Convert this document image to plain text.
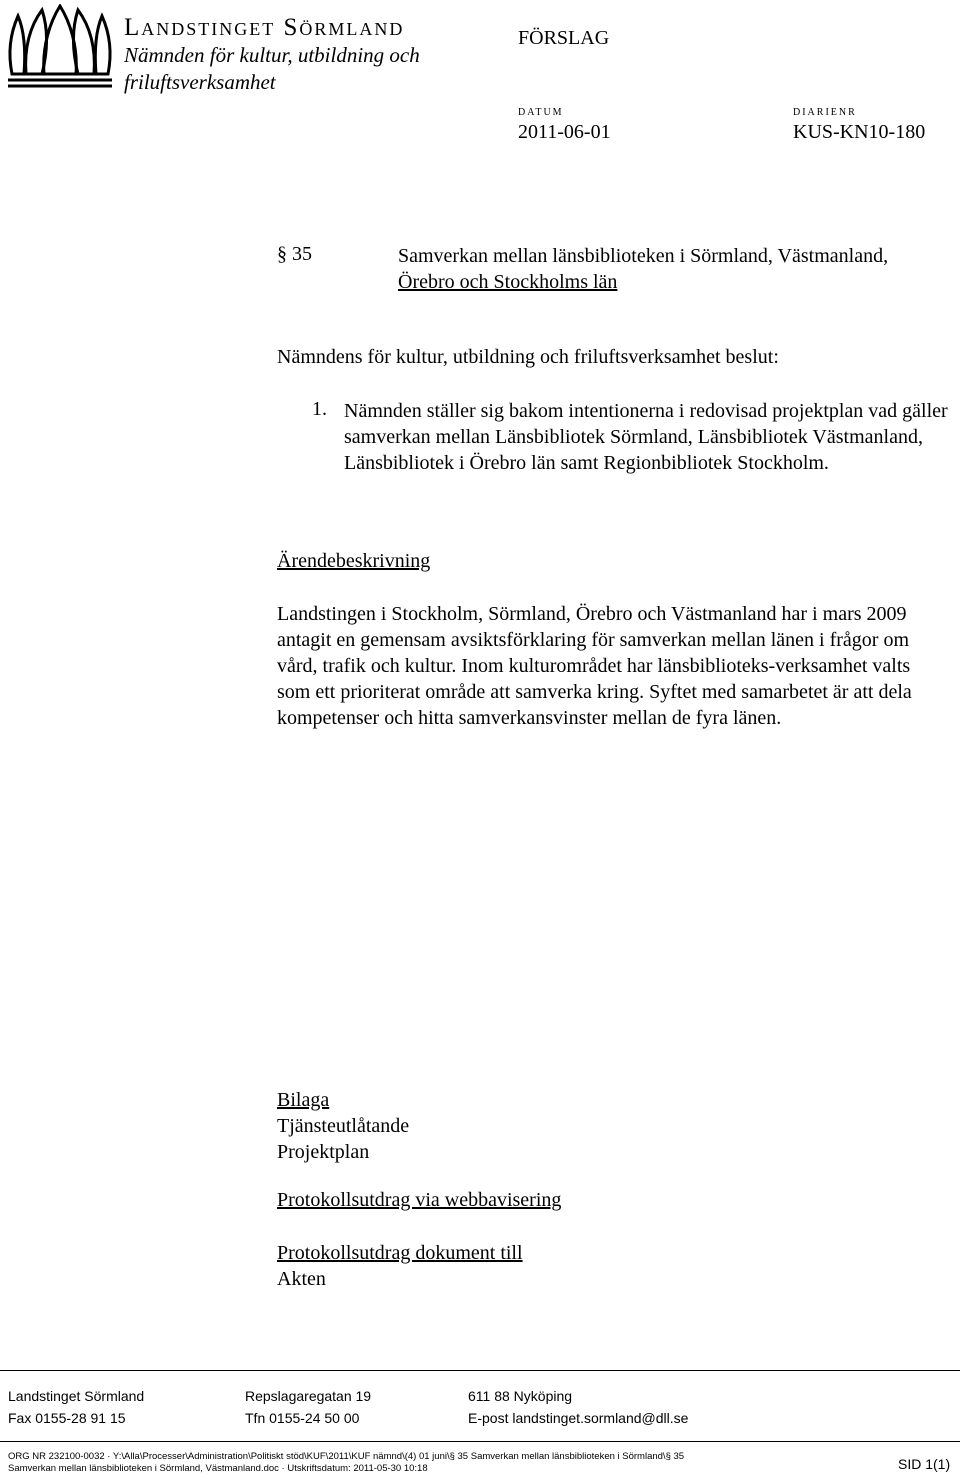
Landstinget Sörmland
Nämnden för kultur, utbildning och
friluftsverksamhet
FÖRSLAG
DATUM
2011-06-01
DIARIENR
KUS-KN10-180
§ 35	Samverkan mellan länsbiblioteken i Sörmland, Västmanland,
Örebro och Stockholms län
Nämndens för kultur, utbildning och friluftsverksamhet beslut:
1. Nämnden ställer sig bakom intentionerna i redovisad projektplan vad gäller samverkan mellan Länsbibliotek Sörmland, Länsbibliotek Västmanland, Länsbibliotek i Örebro län samt Regionbibliotek Stockholm.
Ärendebeskrivning
Landstingen i Stockholm, Sörmland, Örebro och Västmanland har i mars 2009 antagit en gemensam avsiktsförklaring för samverkan mellan länen i frågor om vård, trafik och kultur. Inom kulturområdet har länsbiblioteks-verksamhet valts som ett prioriterat område att samverka kring. Syftet med samarbetet är att dela kompetenser och hitta samverkansvinster mellan de fyra länen.
Bilaga
Tjänsteutlåtande
Projektplan
Protokollsutdrag via webbavisering
Protokollsutdrag dokument till
Akten
Landstinget Sörmland	Repslagaregatan 19	611 88 Nyköping
Fax 0155-28 91 15	Tfn 0155-24 50 00	E-post landstinget.sormland@dll.se
ORG NR 232100-0032 · Y:\Alla\Processer\Administration\Politiskt stöd\KUF\2011\KUF nämnd\(4) 01 juni\§ 35 Samverkan mellan länsbiblioteken i Sörmland\§ 35
Samverkan mellan länsbiblioteken i Sörmland, Västmanland.doc · Utskriftsdatum: 2011-05-30 10:18	SID 1(1)
